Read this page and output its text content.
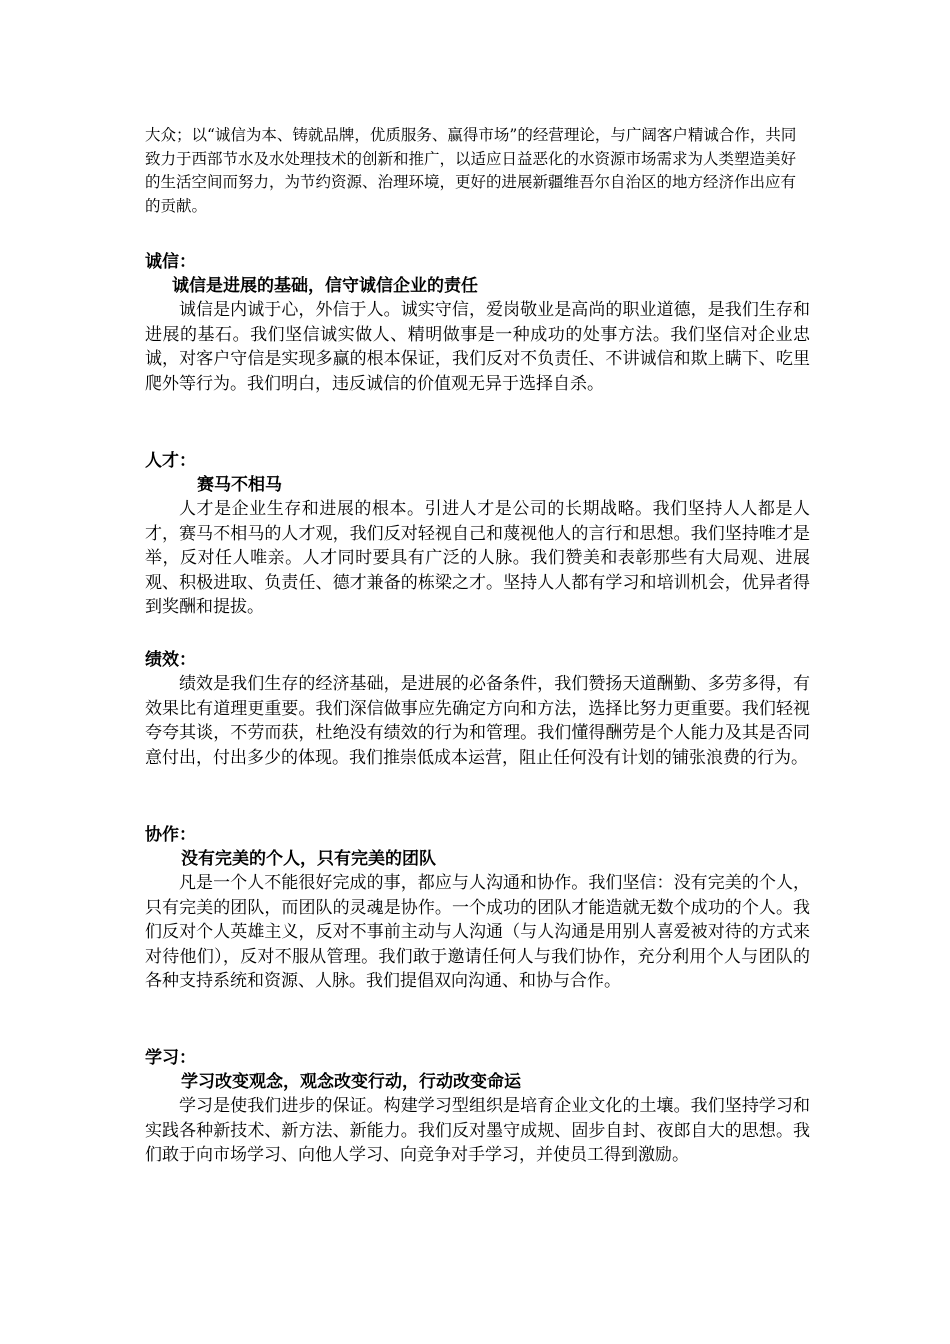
大众；以“诚信为本、铸就品牌，优质服务、赢得市场”的经营理论，与广阔客户精诚合作，共同致力于西部节水及水处理技术的创新和推广，以适应日益恶化的水资源市场需求为人类塑造美好的生活空间而努力，为节约资源、治理环境，更好的进展新疆维吾尔自治区的地方经济作出应有的贡献。

诚信：

诚信是进展的基础，信守诚信企业的责任

诚信是内诚于心，外信于人。诚实守信，爱岗敬业是高尚的职业道德，是我们生存和进展的基石。我们坚信诚实做人、精明做事是一种成功的处事方法。我们坚信对企业忠诚，对客户守信是实现多赢的根本保证，我们反对不负责任、不讲诚信和欺上瞒下、吃里爬外等行为。我们明白，违反诚信的价值观无异于选择自杀。

人才：

赛马不相马

人才是企业生存和进展的根本。引进人才是公司的长期战略。我们坚持人人都是人才，赛马不相马的人才观，我们反对轻视自己和蔑视他人的言行和思想。我们坚持唯才是举，反对任人唯亲。人才同时要具有广泛的人脉。我们赞美和表彰那些有大局观、进展观、积极进取、负责任、德才兼备的栋梁之才。坚持人人都有学习和培训机会，优异者得到奖酬和提拔。

绩效：

绩效是我们生存的经济基础，是进展的必备条件，我们赞扬天道酬勤、多劳多得，有效果比有道理更重要。我们深信做事应先确定方向和方法，选择比努力更重要。我们轻视夸夸其谈，不劳而获，杜绝没有绩效的行为和管理。我们懂得酬劳是个人能力及其是否同意付出，付出多少的体现。我们推崇低成本运营，阻止任何没有计划的铺张浪费的行为。

协作：

没有完美的个人，只有完美的团队

凡是一个人不能很好完成的事，都应与人沟通和协作。我们坚信：没有完美的个人，只有完美的团队，而团队的灵魂是协作。一个成功的团队才能造就无数个成功的个人。我们反对个人英雄主义，反对不事前主动与人沟通（与人沟通是用别人喜爱被对待的方式来对待他们），反对不服从管理。我们敢于邀请任何人与我们协作，充分利用个人与团队的各种支持系统和资源、人脉。我们提倡双向沟通、和协与合作。

学习：

学习改变观念，观念改变行动，行动改变命运

学习是使我们进步的保证。构建学习型组织是培育企业文化的土壤。我们坚持学习和实践各种新技术、新方法、新能力。我们反对墨守成规、固步自封、夜郎自大的思想。我们敢于向市场学习、向他人学习、向竞争对手学习，并使员工得到激励。
